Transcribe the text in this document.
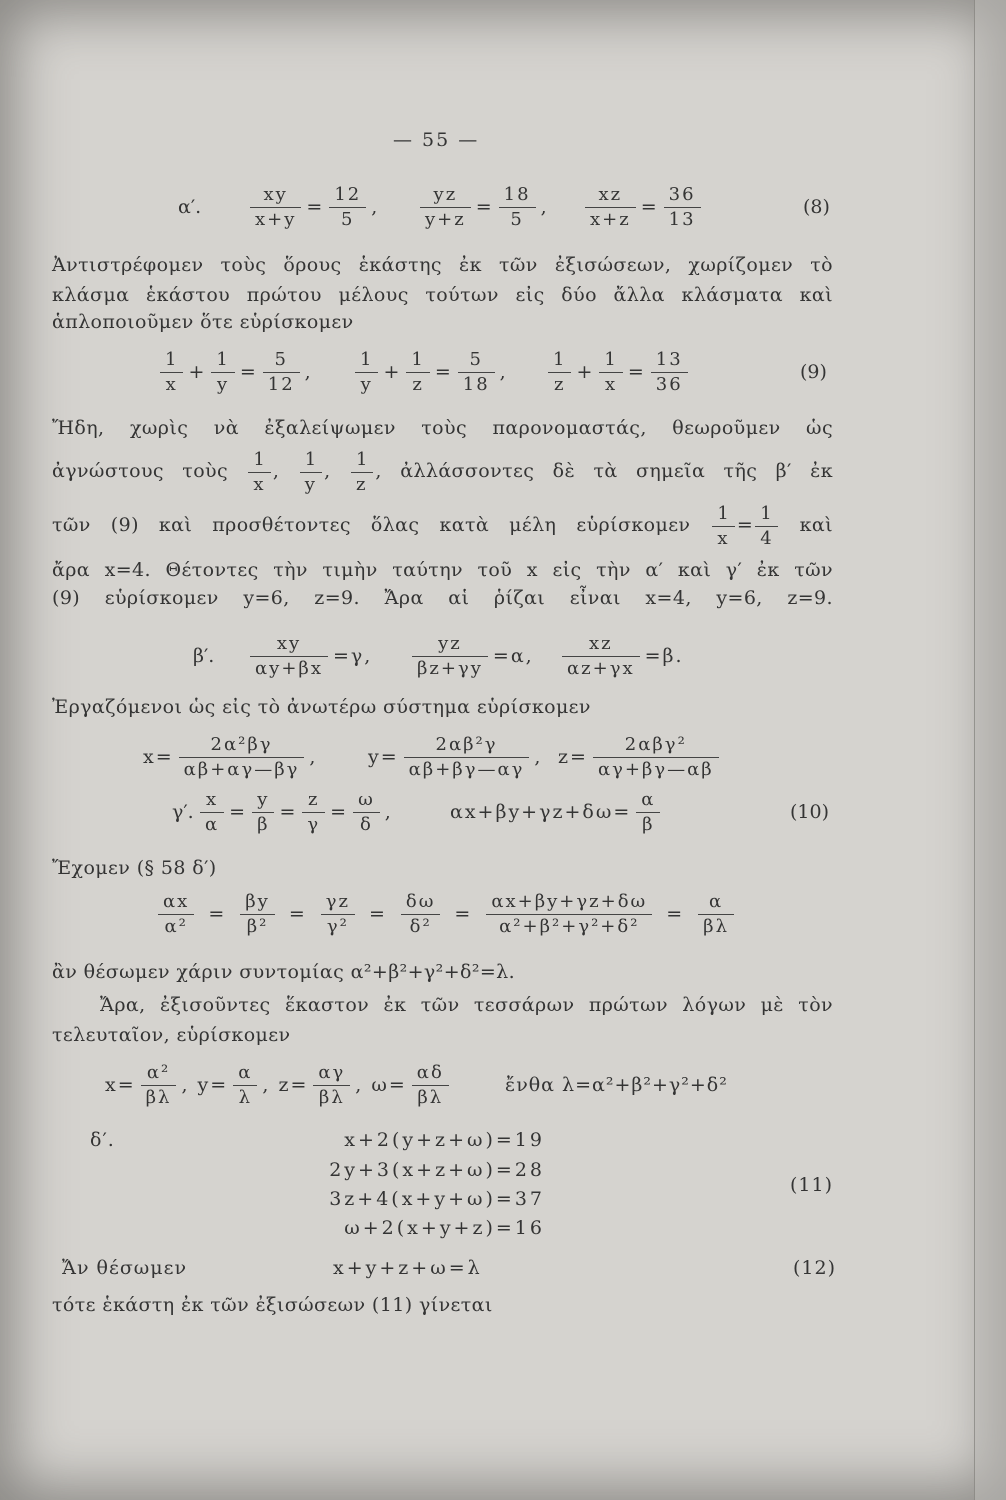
— 55 —
α′.	$\frac{xy}{x+y} = \frac{12}{5}$ , $\frac{yz}{y+z} = \frac{18}{5}$ , $\frac{xz}{x+z} = \frac{36}{13}$	(8)
Ἀντιστρέφομεν τοὺς ὅρους ἑκάστης ἐκ τῶν ἐξισώσεων, χωρίζομεν τὸ
κλάσμα ἑκάστου πρώτου μέλους τούτων εἰς δύο ἄλλα κλάσματα καὶ
ἁπλοποιοῦμεν ὅτε εὑρίσκομεν
$\frac{1}{x} + \frac{1}{y} = \frac{5}{12}$ , $\frac{1}{y} + \frac{1}{z} = \frac{5}{18}$ , $\frac{1}{z} + \frac{1}{x} = \frac{13}{36}$	(9)
Ἤδη, χωρὶς νὰ ἐξαλείψωμεν τοὺς παρονομαστάς, θεωροῦμεν ὡς
ἀγνώστους τοὺς $\frac{1}{x}$ , $\frac{1}{y}$ , $\frac{1}{z}$ , ἀλλάσσοντες δὲ τὰ σημεῖα τῆς β′ ἐκ
τῶν (9) καὶ προσθέτοντες ὅλας κατὰ μέλη εὑρίσκομεν $\frac{1}{x} = \frac{1}{4}$ καὶ
ἄρα x=4. Θέτοντες τὴν τιμὴν ταύτην τοῦ x εἰς τὴν α′ καὶ γ′ ἐκ τῶν
(9) εὑρίσκομεν y=6, z=9. Ἄρα αἱ ῥίζαι εἶναι x=4, y=6, z=9.
β′. $\frac{xy}{\alpha y+\beta x} =\gamma$, $\frac{yz}{\beta z+\gamma y} =\alpha$, $\frac{xz}{\alpha z+\gamma x} =\beta$.
Ἐργαζόμενοι ὡς εἰς τὸ ἀνωτέρω σύστημα εὑρίσκομεν
$x= \frac{\text{2α²βγ}}{\alpha\beta+\alpha\gamma—\beta\gamma}$ ,	$y= \frac{\text{2αβ²γ}}{\alpha\beta+\beta\gamma—\alpha\gamma}$ , $z= \frac{\text{2αβγ²}}{\alpha\gamma+\beta\gamma—\alpha\beta}$
γ′. $\frac{x}{\alpha} = \frac{y}{\beta} = \frac{z}{\gamma} = \frac{\omega}{\delta}$ ,	$\alpha x+\beta y+\gamma z+\delta\omega= \frac{\alpha}{\beta}$	(10)
Ἔχομεν (§ 58 δ′)
$\frac{\alpha x}{\text{α²}} = \frac{\beta y}{\text{β²}} = \frac{\gamma z}{\text{γ²}} = \frac{\delta\omega}{\text{δ²}} = \frac{\alpha x+\beta y+\gamma z+\delta\omega}{\text{α²+β²+γ²+δ²}} = \frac{\alpha}{\beta\lambda}$
ἂν θέσωμεν χάριν συντομίας α²+β²+γ²+δ²=λ.
Ἄρα, ἐξισοῦντες ἕκαστον ἐκ τῶν τεσσάρων πρώτων λόγων μὲ τὸν
τελευταῖον, εὑρίσκομεν
$x= \frac{\text{α²}}{\beta\lambda}$ , $y= \frac{\alpha}{\lambda}$ , $z= \frac{\alpha\gamma}{\beta\lambda}$ , $\omega= \frac{\alpha\delta}{\beta\lambda}$	ἔνθα λ=α²+β²+γ²+δ²
δ′.	x+2(y+z+ω)=19
2y+3(x+z+ω)=28
3z+4(x+y+ω)=37
ω+2(x+y+z)=16
(11)
Ἄν θέσωμεν	x+y+z+ω=λ	(12)
τότε ἑκάστη ἐκ τῶν ἐξισώσεων (11) γίνεται
